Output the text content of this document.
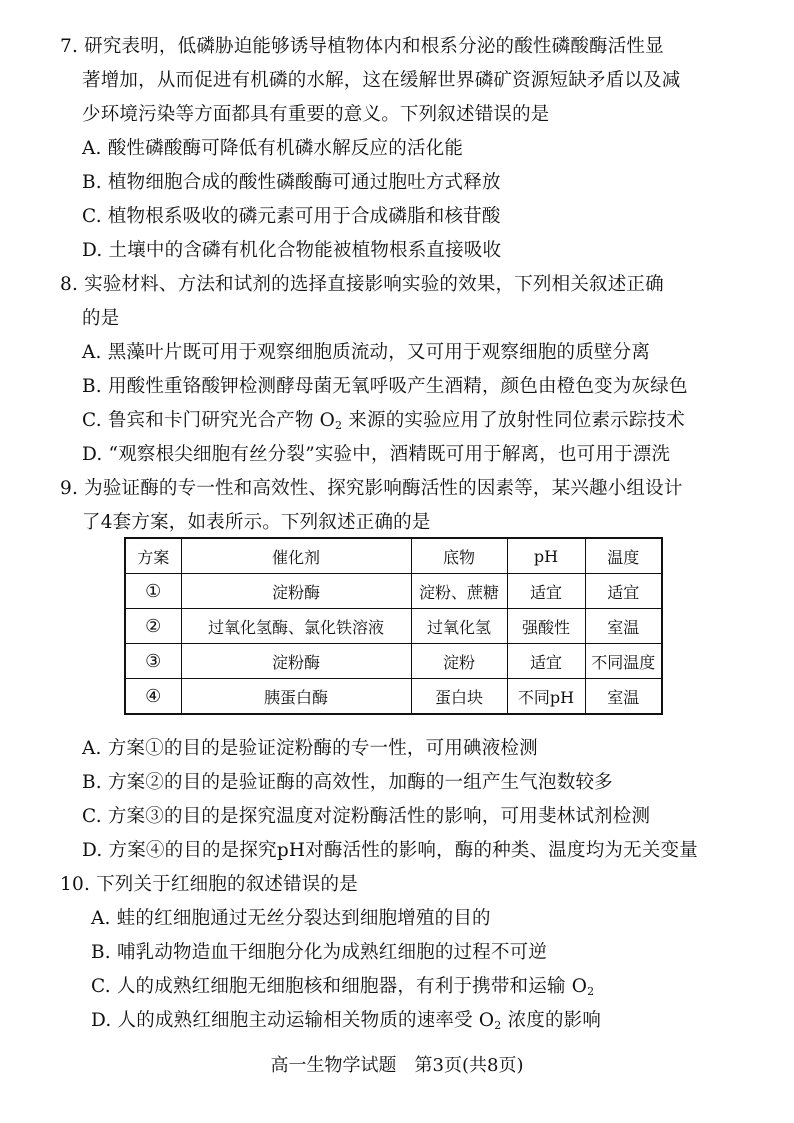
7. 研究表明，低磷胁迫能够诱导植物体内和根系分泌的酸性磷酸酶活性显
著增加，从而促进有机磷的水解，这在缓解世界磷矿资源短缺矛盾以及减
少环境污染等方面都具有重要的意义。下列叙述错误的是
A. 酸性磷酸酶可降低有机磷水解反应的活化能
B. 植物细胞合成的酸性磷酸酶可通过胞吐方式释放
C. 植物根系吸收的磷元素可用于合成磷脂和核苷酸
D. 土壤中的含磷有机化合物能被植物根系直接吸收
8. 实验材料、方法和试剂的选择直接影响实验的效果，下列相关叙述正确
的是
A. 黑藻叶片既可用于观察细胞质流动，又可用于观察细胞的质壁分离
B. 用酸性重铬酸钾检测酵母菌无氧呼吸产生酒精，颜色由橙色变为灰绿色
C. 鲁宾和卡门研究光合产物 $O_2$ 来源的实验应用了放射性同位素示踪技术
D. “观察根尖细胞有丝分裂”实验中，酒精既可用于解离，也可用于漂洗
9. 为验证酶的专一性和高效性、探究影响酶活性的因素等，某兴趣小组设计
了4套方案，如表所示。下列叙述正确的是
方案	催化剂	底物	pH	温度
①	淀粉酶	淀粉、蔗糖	适宜	适宜
②	过氧化氢酶、氯化铁溶液	过氧化氢	强酸性	室温
③	淀粉酶	淀粉	适宜	不同温度
④	胰蛋白酶	蛋白块	不同pH	室温
A. 方案①的目的是验证淀粉酶的专一性，可用碘液检测
B. 方案②的目的是验证酶的高效性，加酶的一组产生气泡数较多
C. 方案③的目的是探究温度对淀粉酶活性的影响，可用斐林试剂检测
D. 方案④的目的是探究pH对酶活性的影响，酶的种类、温度均为无关变量
10. 下列关于红细胞的叙述错误的是
A. 蛙的红细胞通过无丝分裂达到细胞增殖的目的
B. 哺乳动物造血干细胞分化为成熟红细胞的过程不可逆
C. 人的成熟红细胞无细胞核和细胞器，有利于携带和运输 $O_2$
D. 人的成熟红细胞主动运输相关物质的速率受 $O_2$ 浓度的影响
高一生物学试题　第3页(共8页)
